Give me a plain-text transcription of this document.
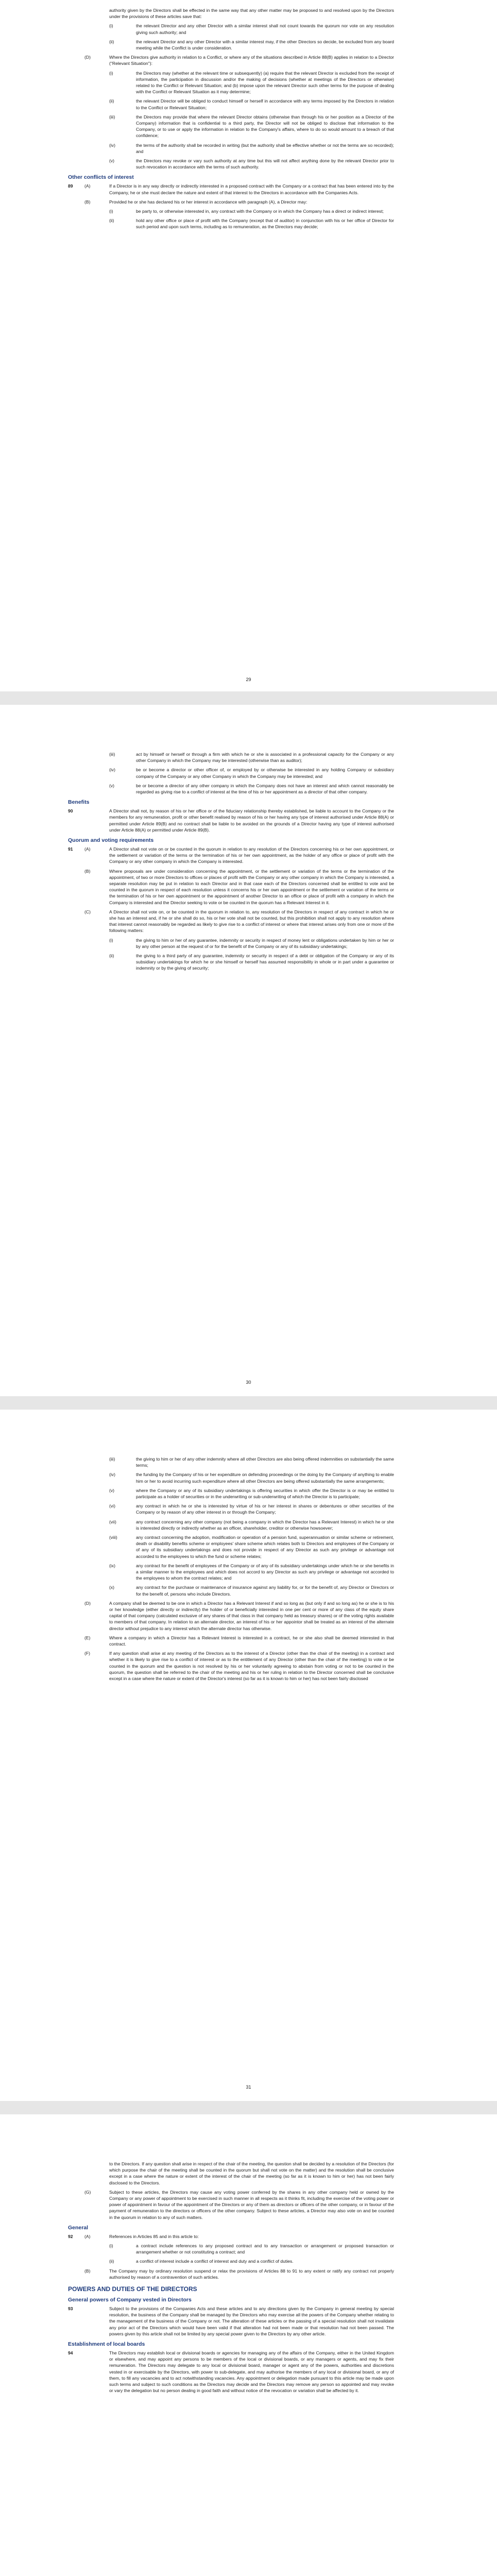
authority given by the Directors shall be effected in the same way that any other matter may be proposed to and resolved upon by the Directors under the provisions of these articles save that:
(i)	the relevant Director and any other Director with a similar interest shall not count towards the quorum nor vote on any resolution giving such authority; and
(ii)	the relevant Director and any other Director with a similar interest may, if the other Directors so decide, be excluded from any board meeting while the Conflict is under consideration.
(D)	Where the Directors give authority in relation to a Conflict, or where any of the situations described in Article 88(B) applies in relation to a Director ("Relevant Situation"):
(i)	the Directors may (whether at the relevant time or subsequently) (a) require that the relevant Director is excluded from the receipt of information, the participation in discussion and/or the making of decisions (whether at meetings of the Directors or otherwise) related to the Conflict or Relevant Situation; and (b) impose upon the relevant Director such other terms for the purpose of dealing with the Conflict or Relevant Situation as it may determine;
(ii)	the relevant Director will be obliged to conduct himself or herself in accordance with any terms imposed by the Directors in relation to the Conflict or Relevant Situation;
(iii)	the Directors may provide that where the relevant Director obtains (otherwise than through his or her position as a Director of the Company) information that is confidential to a third party, the Director will not be obliged to disclose that information to the Company, or to use or apply the information in relation to the Company's affairs, where to do so would amount to a breach of that confidence;
(iv)	the terms of the authority shall be recorded in writing (but the authority shall be effective whether or not the terms are so recorded); and
(v)	the Directors may revoke or vary such authority at any time but this will not affect anything done by the relevant Director prior to such revocation in accordance with the terms of such authority.
Other conflicts of interest
89	(A)	If a Director is in any way directly or indirectly interested in a proposed contract with the Company or a contract that has been entered into by the Company, he or she must declare the nature and extent of that interest to the Directors in accordance with the Companies Acts.
(B)	Provided he or she has declared his or her interest in accordance with paragraph (A), a Director may:
(i)	be party to, or otherwise interested in, any contract with the Company or in which the Company has a direct or indirect interest;
(ii)	hold any other office or place of profit with the Company (except that of auditor) in conjunction with his or her office of Director for such period and upon such terms, including as to remuneration, as the Directors may decide;
29
(iii)	act by himself or herself or through a firm with which he or she is associated in a professional capacity for the Company or any other Company in which the Company may be interested (otherwise than as auditor);
(iv)	be or become a director or other officer of, or employed by or otherwise be interested in any holding Company or subsidiary company of the Company or any other Company in which the Company may be interested; and
(v)	be or become a director of any other company in which the Company does not have an interest and which cannot reasonably be regarded as giving rise to a conflict of interest at the time of his or her appointment as a director of that other company.
Benefits
90	A Director shall not, by reason of his or her office or of the fiduciary relationship thereby established, be liable to account to the Company or the members for any remuneration, profit or other benefit realised by reason of his or her having any type of interest authorised under Article 88(A) or permitted under Article 89(B) and no contract shall be liable to be avoided on the grounds of a Director having any type of interest authorised under Article 88(A) or permitted under Article 89(B).
Quorum and voting requirements
91	(A)	A Director shall not vote on or be counted in the quorum in relation to any resolution of the Directors concerning his or her own appointment, or the settlement or variation of the terms or the termination of his or her own appointment, as the holder of any office or place of profit with the Company or any other company in which the Company is interested.
(B)	Where proposals are under consideration concerning the appointment, or the settlement or variation of the terms or the termination of the appointment, of two or more Directors to offices or places of profit with the Company or any other company in which the Company is interested, a separate resolution may be put in relation to each Director and in that case each of the Directors concerned shall be entitled to vote and be counted in the quorum in respect of each resolution unless it concerns his or her own appointment or the settlement or variation of the terms or the termination of his or her own appointment or the appointment of another Director to an office or place of profit with a company in which the Company is interested and the Director seeking to vote or be counted in the quorum has a Relevant Interest in it.
(C)	A Director shall not vote on, or be counted in the quorum in relation to, any resolution of the Directors in respect of any contract in which he or she has an interest and, if he or she shall do so, his or her vote shall not be counted, but this prohibition shall not apply to any resolution where that interest cannot reasonably be regarded as likely to give rise to a conflict of interest or where that interest arises only from one or more of the following matters:
(i)	the giving to him or her of any guarantee, indemnity or security in respect of money lent or obligations undertaken by him or her or by any other person at the request of or for the benefit of the Company or any of its subsidiary undertakings;
(ii)	the giving to a third party of any guarantee, indemnity or security in respect of a debt or obligation of the Company or any of its subsidiary undertakings for which he or she himself or herself has assumed responsibility in whole or in part under a guarantee or indemnity or by the giving of security;
30
(iii)	the giving to him or her of any other indemnity where all other Directors are also being offered indemnities on substantially the same terms;
(iv)	the funding by the Company of his or her expenditure on defending proceedings or the doing by the Company of anything to enable him or her to avoid incurring such expenditure where all other Directors are being offered substantially the same arrangements;
(v)	where the Company or any of its subsidiary undertakings is offering securities in which offer the Director is or may be entitled to participate as a holder of securities or in the underwriting or sub-underwriting of which the Director is to participate;
(vi)	any contract in which he or she is interested by virtue of his or her interest in shares or debentures or other securities of the Company or by reason of any other interest in or through the Company;
(vii)	any contract concerning any other company (not being a company in which the Director has a Relevant Interest) in which he or she is interested directly or indirectly whether as an officer, shareholder, creditor or otherwise howsoever;
(viii)	any contract concerning the adoption, modification or operation of a pension fund, superannuation or similar scheme or retirement, death or disability benefits scheme or employees' share scheme which relates both to Directors and employees of the Company or of any of its subsidiary undertakings and does not provide in respect of any Director as such any privilege or advantage not accorded to the employees to which the fund or scheme relates;
(ix)	any contract for the benefit of employees of the Company or of any of its subsidiary undertakings under which he or she benefits in a similar manner to the employees and which does not accord to any Director as such any privilege or advantage not accorded to the employees to whom the contract relates; and
(x)	any contract for the purchase or maintenance of insurance against any liability for, or for the benefit of, any Director or Directors or for the benefit of, persons who include Directors.
(D)	A company shall be deemed to be one in which a Director has a Relevant Interest if and so long as (but only if and so long as) he or she is to his or her knowledge (either directly or indirectly) the holder of or beneficially interested in one per cent or more of any class of the equity share capital of that company (calculated exclusive of any shares of that class in that company held as treasury shares) or of the voting rights available to members of that company. In relation to an alternate director, an interest of his or her appointor shall be treated as an interest of the alternate director without prejudice to any interest which the alternate director has otherwise.
(E)	Where a company in which a Director has a Relevant Interest is interested in a contract, he or she also shall be deemed interested in that contract.
(F)	If any question shall arise at any meeting of the Directors as to the interest of a Director (other than the chair of the meeting) in a contract and whether it is likely to give rise to a conflict of interest or as to the entitlement of any Director (other than the chair of the meeting) to vote or be counted in the quorum and the question is not resolved by his or her voluntarily agreeing to abstain from voting or not to be counted in the quorum, the question shall be referred to the chair of the meeting and his or her ruling in relation to the Director concerned shall be conclusive except in a case where the nature or extent of the Director's interest (so far as it is known to him or her) has not been fairly disclosed
31
to the Directors. If any question shall arise in respect of the chair of the meeting, the question shall be decided by a resolution of the Directors (for which purpose the chair of the meeting shall be counted in the quorum but shall not vote on the matter) and the resolution shall be conclusive except in a case where the nature or extent of the interest of the chair of the meeting (so far as it is known to him or her) has not been fairly disclosed to the Directors.
(G)	Subject to these articles, the Directors may cause any voting power conferred by the shares in any other company held or owned by the Company or any power of appointment to be exercised in such manner in all respects as it thinks fit, including the exercise of the voting power or power of appointment in favour of the appointment of the Directors or any of them as directors or officers of the other company, or in favour of the payment of remuneration to the directors or officers of the other company. Subject to these articles, a Director may also vote on and be counted in the quorum in relation to any of such matters.
General
92	(A)	References in Articles 85 and in this article to:
(i)	a contract include references to any proposed contract and to any transaction or arrangement or proposed transaction or arrangement whether or not constituting a contract; and
(ii)	a conflict of interest include a conflict of interest and duty and a conflict of duties.
(B)	The Company may by ordinary resolution suspend or relax the provisions of Articles 88 to 91 to any extent or ratify any contract not properly authorised by reason of a contravention of such articles.
POWERS AND DUTIES OF THE DIRECTORS
General powers of Company vested in Directors
93	Subject to the provisions of the Companies Acts and these articles and to any directions given by the Company in general meeting by special resolution, the business of the Company shall be managed by the Directors who may exercise all the powers of the Company whether relating to the management of the business of the Company or not. The alteration of these articles or the passing of a special resolution shall not invalidate any prior act of the Directors which would have been valid if that alteration had not been made or that resolution had not been passed. The powers given by this article shall not be limited by any special power given to the Directors by any other article.
Establishment of local boards
94	The Directors may establish local or divisional boards or agencies for managing any of the affairs of the Company, either in the United Kingdom or elsewhere, and may appoint any persons to be members of the local or divisional boards, or any managers or agents, and may fix their remuneration. The Directors may delegate to any local or divisional board, manager or agent any of the powers, authorities and discretions vested in or exercisable by the Directors, with power to sub-delegate, and may authorise the members of any local or divisional board, or any of them, to fill any vacancies and to act notwithstanding vacancies. Any appointment or delegation made pursuant to this article may be made upon such terms and subject to such conditions as the Directors may decide and the Directors may remove any person so appointed and may revoke or vary the delegation but no person dealing in good faith and without notice of the revocation or variation shall be affected by it.
